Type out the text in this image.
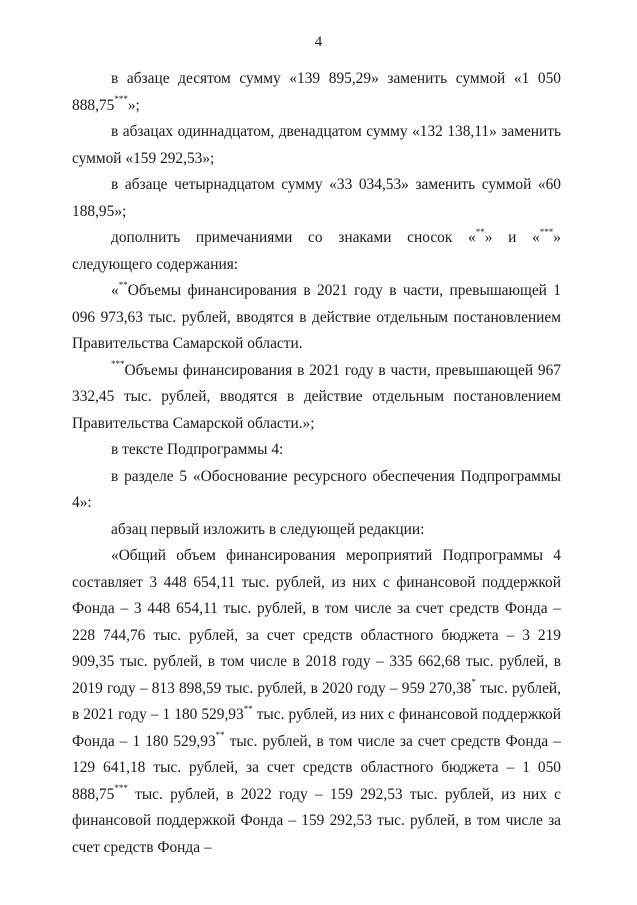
4

в абзаце десятом сумму «139 895,29» заменить суммой «1 050 888,75***»;

в абзацах одиннадцатом, двенадцатом сумму «132 138,11» заменить суммой «159 292,53»;

в абзаце четырнадцатом сумму «33 034,53» заменить суммой «60 188,95»;

дополнить примечаниями со знаками сносок «**» и «***» следующего содержания:

«**Объемы финансирования в 2021 году в части, превышающей 1 096 973,63 тыс. рублей, вводятся в действие отдельным постановлением Правительства Самарской области.

***Объемы финансирования в 2021 году в части, превышающей 967 332,45 тыс. рублей, вводятся в действие отдельным постановлением Правительства Самарской области.»;

в тексте Подпрограммы 4:

в разделе 5 «Обоснование ресурсного обеспечения Подпрограммы 4»:

абзац первый изложить в следующей редакции:

«Общий объем финансирования мероприятий Подпрограммы 4 составляет 3 448 654,11 тыс. рублей, из них с финансовой поддержкой Фонда – 3 448 654,11 тыс. рублей, в том числе за счет средств Фонда – 228 744,76 тыс. рублей, за счет средств областного бюджета – 3 219 909,35 тыс. рублей, в том числе в 2018 году – 335 662,68 тыс. рублей, в 2019 году – 813 898,59 тыс. рублей, в 2020 году – 959 270,38* тыс. рублей, в 2021 году – 1 180 529,93** тыс. рублей, из них с финансовой поддержкой Фонда – 1 180 529,93** тыс. рублей, в том числе за счет средств Фонда – 129 641,18 тыс. рублей, за счет средств областного бюджета – 1 050 888,75*** тыс. рублей, в 2022 году – 159 292,53 тыс. рублей, из них с финансовой поддержкой Фонда – 159 292,53 тыс. рублей, в том числе за счет средств Фонда –
